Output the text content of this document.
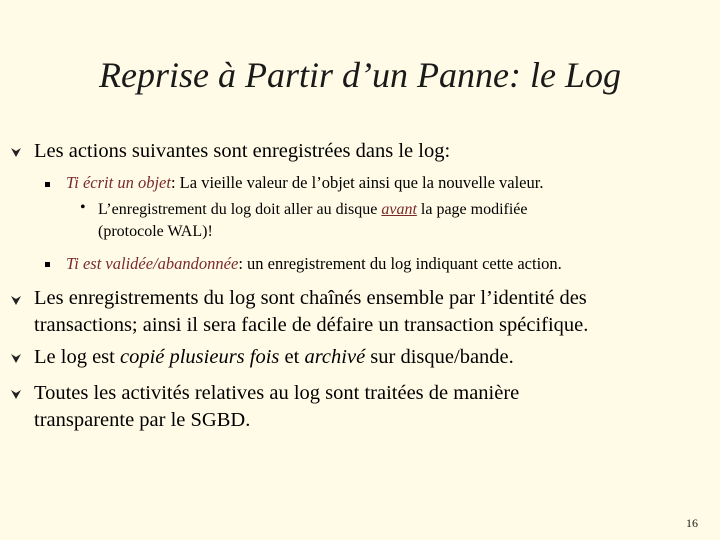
Reprise à Partir d’un Panne: le Log
Les actions suivantes sont enregistrées dans le log:
Ti écrit un objet: La vieille valeur de l’objet ainsi que la nouvelle valeur.
• L’enregistrement du log doit aller au disque avant la page modifiée
(protocole WAL)!
Ti est validée/abandonnée: un enregistrement du log indiquant cette action.
Les enregistrements du log sont chaînés ensemble par l’identité des
transactions; ainsi il sera facile de défaire un transaction spécifique.
Le log est copié plusieurs fois et archivé sur disque/bande.
Toutes les activités relatives au log sont traitées de manière
transparente par le SGBD.
16
